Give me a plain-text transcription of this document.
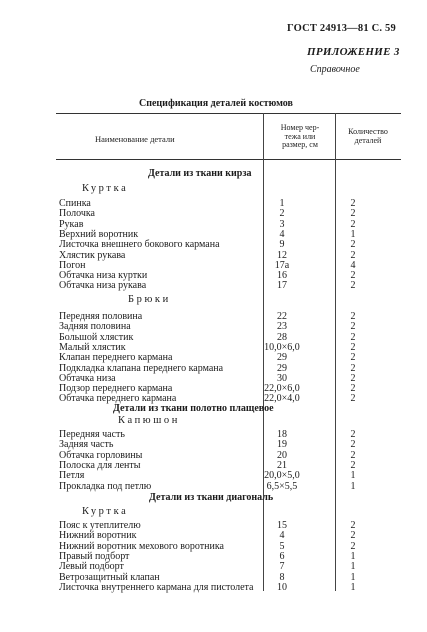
ГОСТ 24913—81 С. 59
ПРИЛОЖЕНИЕ 3
Справочное
Спецификация деталей костюмов
Наименование детали
Номер чер-
тежа или
размер, см
Количество
деталей
Детали из ткани кирза
Куртка
Спинка	1	2
Полочка	2	2
Рукав	3	2
Верхний воротник	4	1
Листочка внешнего бокового кармана	9	2
Хлястик рукава	12	2
Погон	17а	4
Обтачка низа куртки	16	2
Обтачка низа рукава	17	2
Брюки
Передняя половина	22	2
Задняя половина	23	2
Большой хлястик	28	2
Малый хлястик	10,0×6,0	2
Клапан переднего кармана	29	2
Подкладка клапана переднего кармана	29	2
Обтачка низа	30	2
Подзор переднего кармана	22,0×6,0	2
Обтачка переднего кармана	22,0×4,0	2
Детали из ткани полотно плащевое
Капюшон
Передняя часть	18	2
Задняя часть	19	2
Обтачка горловины	20	2
Полоска для ленты	21	2
Петля	20,0×5,0	1
Прокладка под петлю	6,5×5,5	1
Детали из ткани диагональ
Куртка
Пояс к утеплителю	15	2
Нижний воротник	4	2
Нижний воротник мехового воротника	5	2
Правый подборт	6	1
Левый подборт	7	1
Ветрозащитный клапан	8	1
Листочка внутреннего кармана для пистолета	10	1
